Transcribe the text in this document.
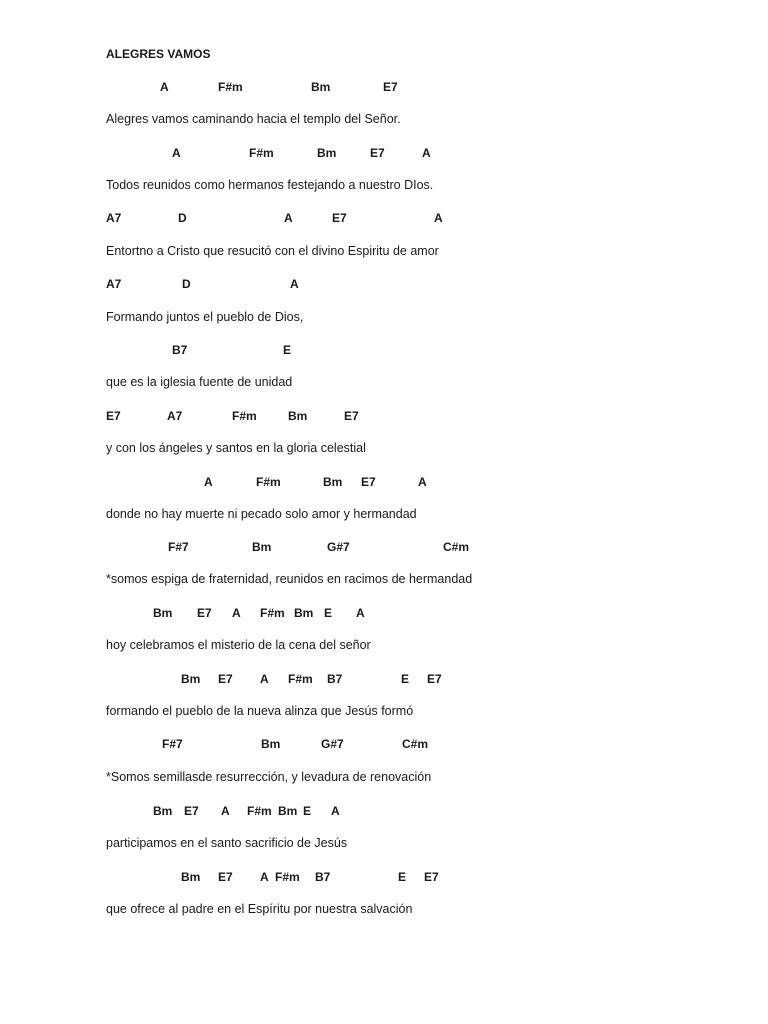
ALEGRES VAMOS
A	F#m	Bm	E7
Alegres vamos caminando hacia el templo del Señor.
A	F#m	Bm	E7	A
Todos reunidos como hermanos festejando a nuestro DIos.
A7	D	A	E7	A
Entortno a Cristo que resucitó con el divino Espiritu de amor
A7	D	A
Formando juntos el pueblo de Dios,
B7	E
que es la iglesia fuente de unidad
E7	A7	F#m	Bm	E7
y con los ángeles y santos en la gloria celestial
A	F#m	Bm E7	A
donde no hay muerte ni pecado solo amor y hermandad
F#7	Bm	G#7	C#m
*somos espiga de fraternidad, reunidos en racimos de hermandad
Bm E7 A F#m Bm E A
hoy celebramos el misterio de la cena del señor
Bm E7 A F#m B7	E E7
formando el pueblo de la nueva alinza que Jesús formó
F#7	Bm	G#7	C#m
*Somos semillasde resurrección, y levadura de renovación
Bm E7 A F#m Bm E A
participamos en el santo sacrificio de Jesús
Bm E7 A F#m B7	E E7
que ofrece al padre en el Espíritu por nuestra salvación
